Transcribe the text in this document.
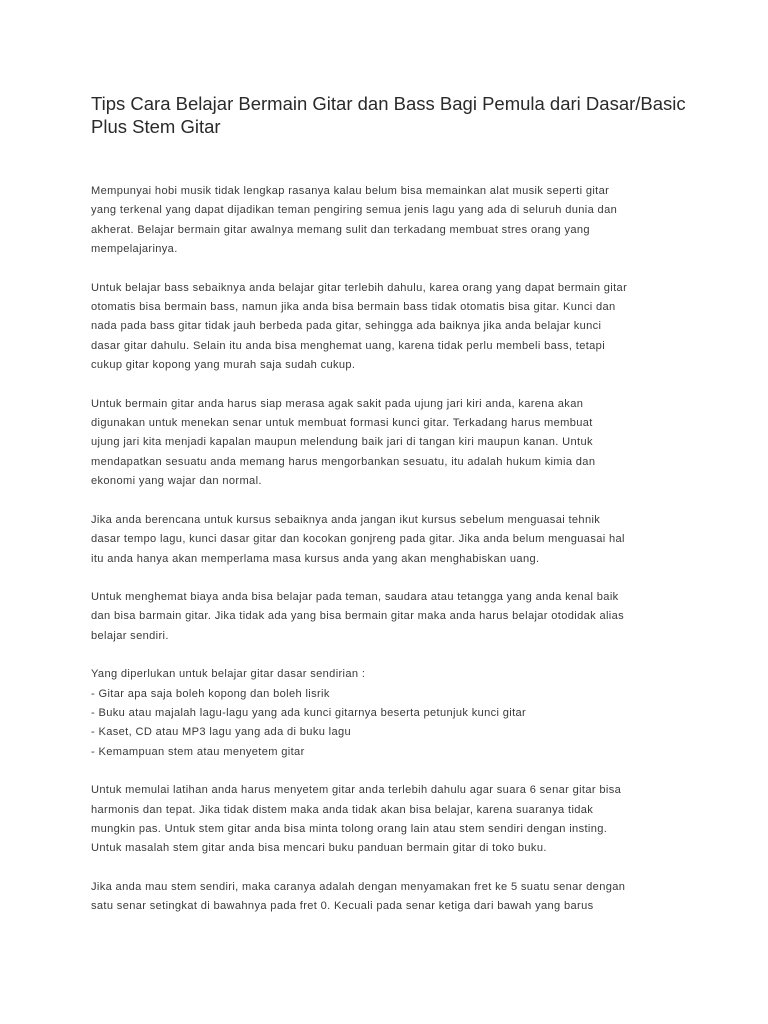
Tips Cara Belajar Bermain Gitar dan Bass Bagi Pemula dari Dasar/Basic Plus Stem Gitar

Mempunyai hobi musik tidak lengkap rasanya kalau belum bisa memainkan alat musik seperti gitar
yang terkenal yang dapat dijadikan teman pengiring semua jenis lagu yang ada di seluruh dunia dan
akherat. Belajar bermain gitar awalnya memang sulit dan terkadang membuat stres orang yang
mempelajarinya.

Untuk belajar bass sebaiknya anda belajar gitar terlebih dahulu, karea orang yang dapat bermain gitar
otomatis bisa bermain bass, namun jika anda bisa bermain bass tidak otomatis bisa gitar. Kunci dan
nada pada bass gitar tidak jauh berbeda pada gitar, sehingga ada baiknya jika anda belajar kunci
dasar gitar dahulu. Selain itu anda bisa menghemat uang, karena tidak perlu membeli bass, tetapi
cukup gitar kopong yang murah saja sudah cukup.

Untuk bermain gitar anda harus siap merasa agak sakit pada ujung jari kiri anda, karena akan
digunakan untuk menekan senar untuk membuat formasi kunci gitar. Terkadang harus membuat
ujung jari kita menjadi kapalan maupun melendung baik jari di tangan kiri maupun kanan. Untuk
mendapatkan sesuatu anda memang harus mengorbankan sesuatu, itu adalah hukum kimia dan
ekonomi yang wajar dan normal.

Jika anda berencana untuk kursus sebaiknya anda jangan ikut kursus sebelum menguasai tehnik
dasar tempo lagu, kunci dasar gitar dan kocokan gonjreng pada gitar. Jika anda belum menguasai hal
itu anda hanya akan memperlama masa kursus anda yang akan menghabiskan uang.

Untuk menghemat biaya anda bisa belajar pada teman, saudara atau tetangga yang anda kenal baik
dan bisa barmain gitar. Jika tidak ada yang bisa bermain gitar maka anda harus belajar otodidak alias
belajar sendiri.

Yang diperlukan untuk belajar gitar dasar sendirian :

- Gitar apa saja boleh kopong dan boleh lisrik
- Buku atau majalah lagu-lagu yang ada kunci gitarnya beserta petunjuk kunci gitar
- Kaset, CD atau MP3 lagu yang ada di buku lagu
- Kemampuan stem atau menyetem gitar

Untuk memulai latihan anda harus menyetem gitar anda terlebih dahulu agar suara 6 senar gitar bisa
harmonis dan tepat. Jika tidak distem maka anda tidak akan bisa belajar, karena suaranya tidak
mungkin pas. Untuk stem gitar anda bisa minta tolong orang lain atau stem sendiri dengan insting.
Untuk masalah stem gitar anda bisa mencari buku panduan bermain gitar di toko buku.

Jika anda mau stem sendiri, maka caranya adalah dengan menyamakan fret ke 5 suatu senar dengan
satu senar setingkat di bawahnya pada fret 0. Kecuali pada senar ketiga dari bawah yang barus
